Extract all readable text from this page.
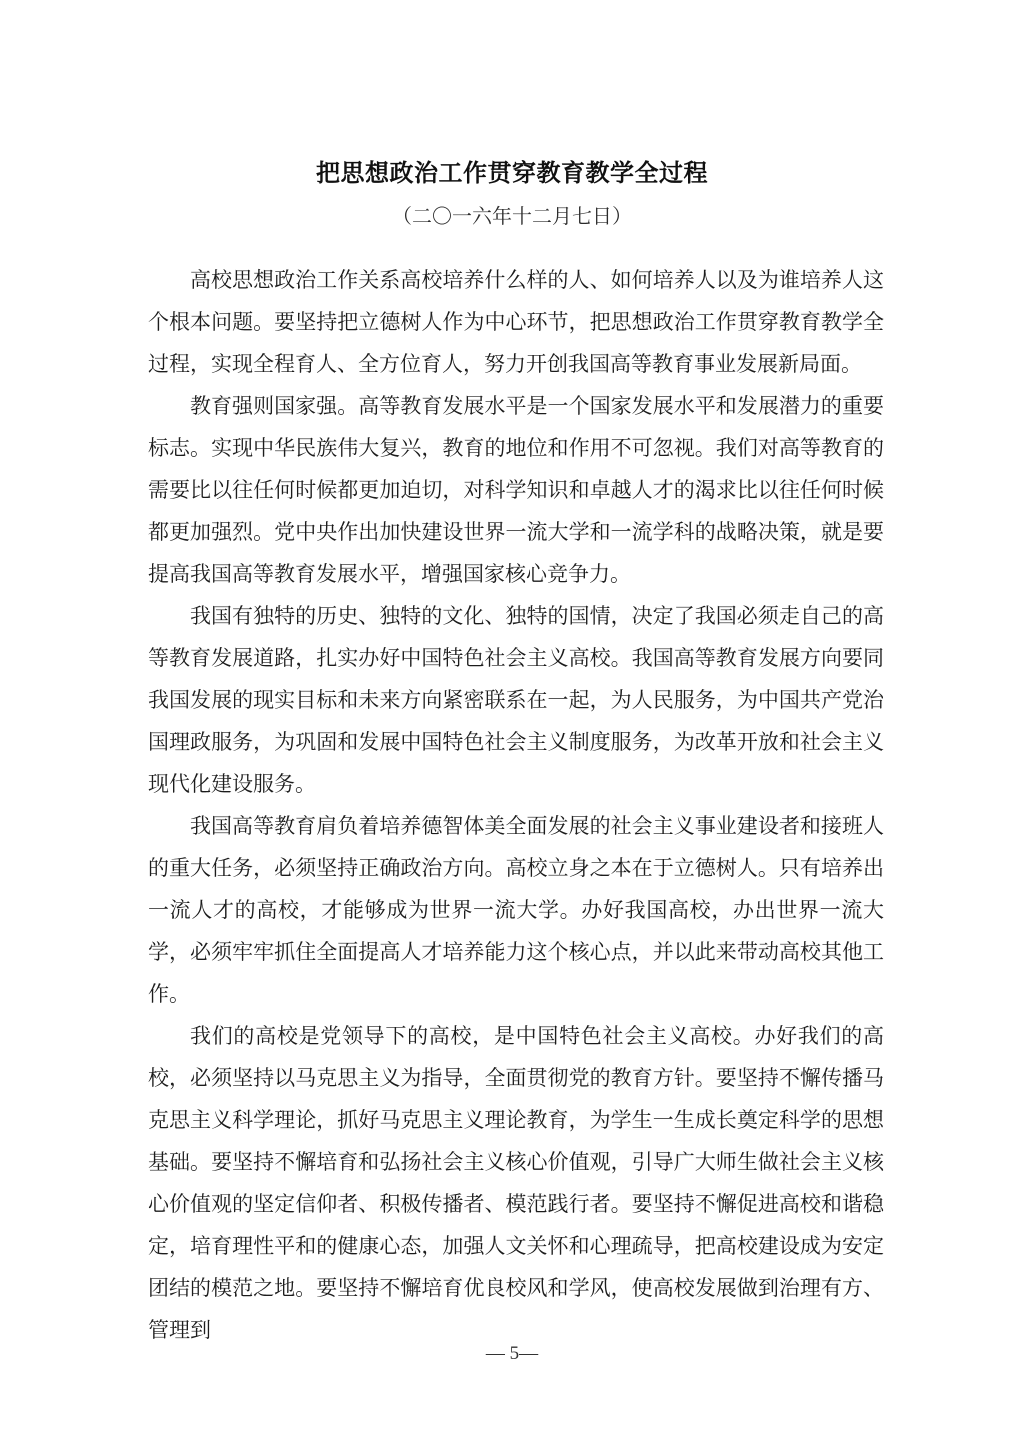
把思想政治工作贯穿教育教学全过程
（二〇一六年十二月七日）

高校思想政治工作关系高校培养什么样的人、如何培养人以及为谁培养人这个根本问题。要坚持把立德树人作为中心环节，把思想政治工作贯穿教育教学全过程，实现全程育人、全方位育人，努力开创我国高等教育事业发展新局面。

教育强则国家强。高等教育发展水平是一个国家发展水平和发展潜力的重要标志。实现中华民族伟大复兴，教育的地位和作用不可忽视。我们对高等教育的需要比以往任何时候都更加迫切，对科学知识和卓越人才的渴求比以往任何时候都更加强烈。党中央作出加快建设世界一流大学和一流学科的战略决策，就是要提高我国高等教育发展水平，增强国家核心竞争力。

我国有独特的历史、独特的文化、独特的国情，决定了我国必须走自己的高等教育发展道路，扎实办好中国特色社会主义高校。我国高等教育发展方向要同我国发展的现实目标和未来方向紧密联系在一起，为人民服务，为中国共产党治国理政服务，为巩固和发展中国特色社会主义制度服务，为改革开放和社会主义现代化建设服务。

我国高等教育肩负着培养德智体美全面发展的社会主义事业建设者和接班人的重大任务，必须坚持正确政治方向。高校立身之本在于立德树人。只有培养出一流人才的高校，才能够成为世界一流大学。办好我国高校，办出世界一流大学，必须牢牢抓住全面提高人才培养能力这个核心点，并以此来带动高校其他工作。

我们的高校是党领导下的高校，是中国特色社会主义高校。办好我们的高校，必须坚持以马克思主义为指导，全面贯彻党的教育方针。要坚持不懈传播马克思主义科学理论，抓好马克思主义理论教育，为学生一生成长奠定科学的思想基础。要坚持不懈培育和弘扬社会主义核心价值观，引导广大师生做社会主义核心价值观的坚定信仰者、积极传播者、模范践行者。要坚持不懈促进高校和谐稳定，培育理性平和的健康心态，加强人文关怀和心理疏导，把高校建设成为安定团结的模范之地。要坚持不懈培育优良校风和学风，使高校发展做到治理有方、管理到

— 5—
